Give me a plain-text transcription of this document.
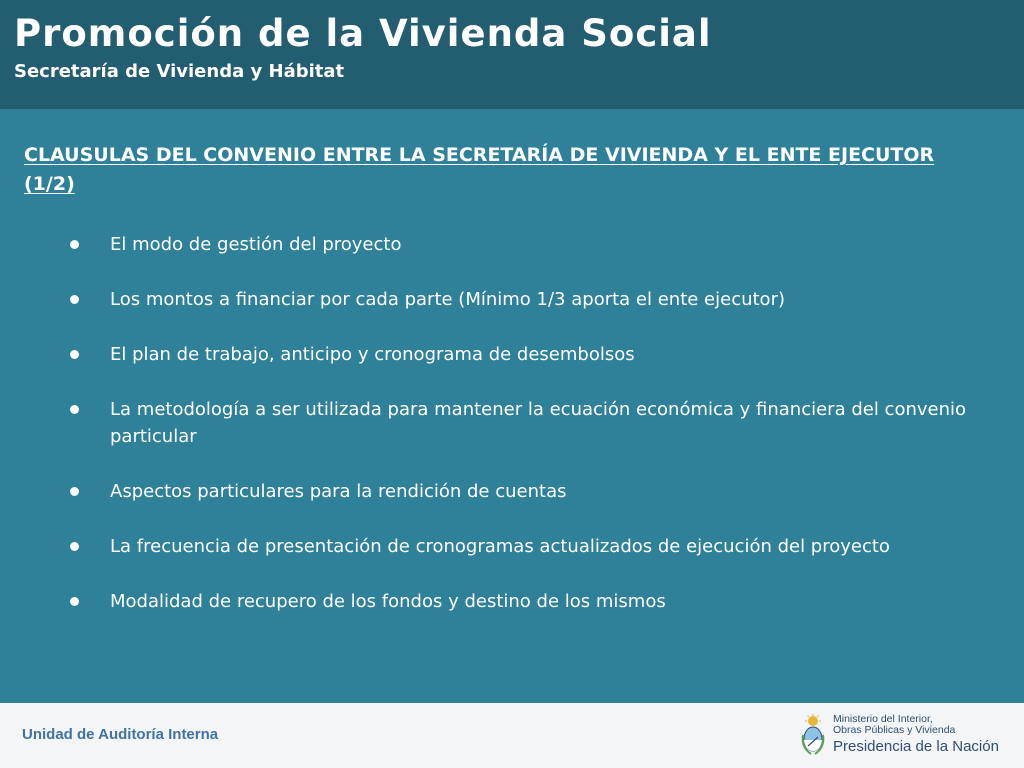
Promoción de la Vivienda Social
Secretaría de Vivienda y Hábitat
CLAUSULAS DEL CONVENIO ENTRE LA SECRETARÍA DE VIVIENDA Y EL ENTE EJECUTOR (1/2)
El modo de gestión del proyecto
Los montos a financiar por cada parte (Mínimo 1/3 aporta el ente ejecutor)
El plan de trabajo, anticipo y cronograma de desembolsos
La metodología a ser utilizada para mantener la ecuación económica y financiera del convenio particular
Aspectos particulares para la rendición de cuentas
La frecuencia de presentación de cronogramas actualizados de ejecución del proyecto
Modalidad de recupero de los fondos y destino de los mismos
Unidad de Auditoría Interna
Ministerio del Interior,
Obras Públicas y Vivienda
Presidencia de la Nación
